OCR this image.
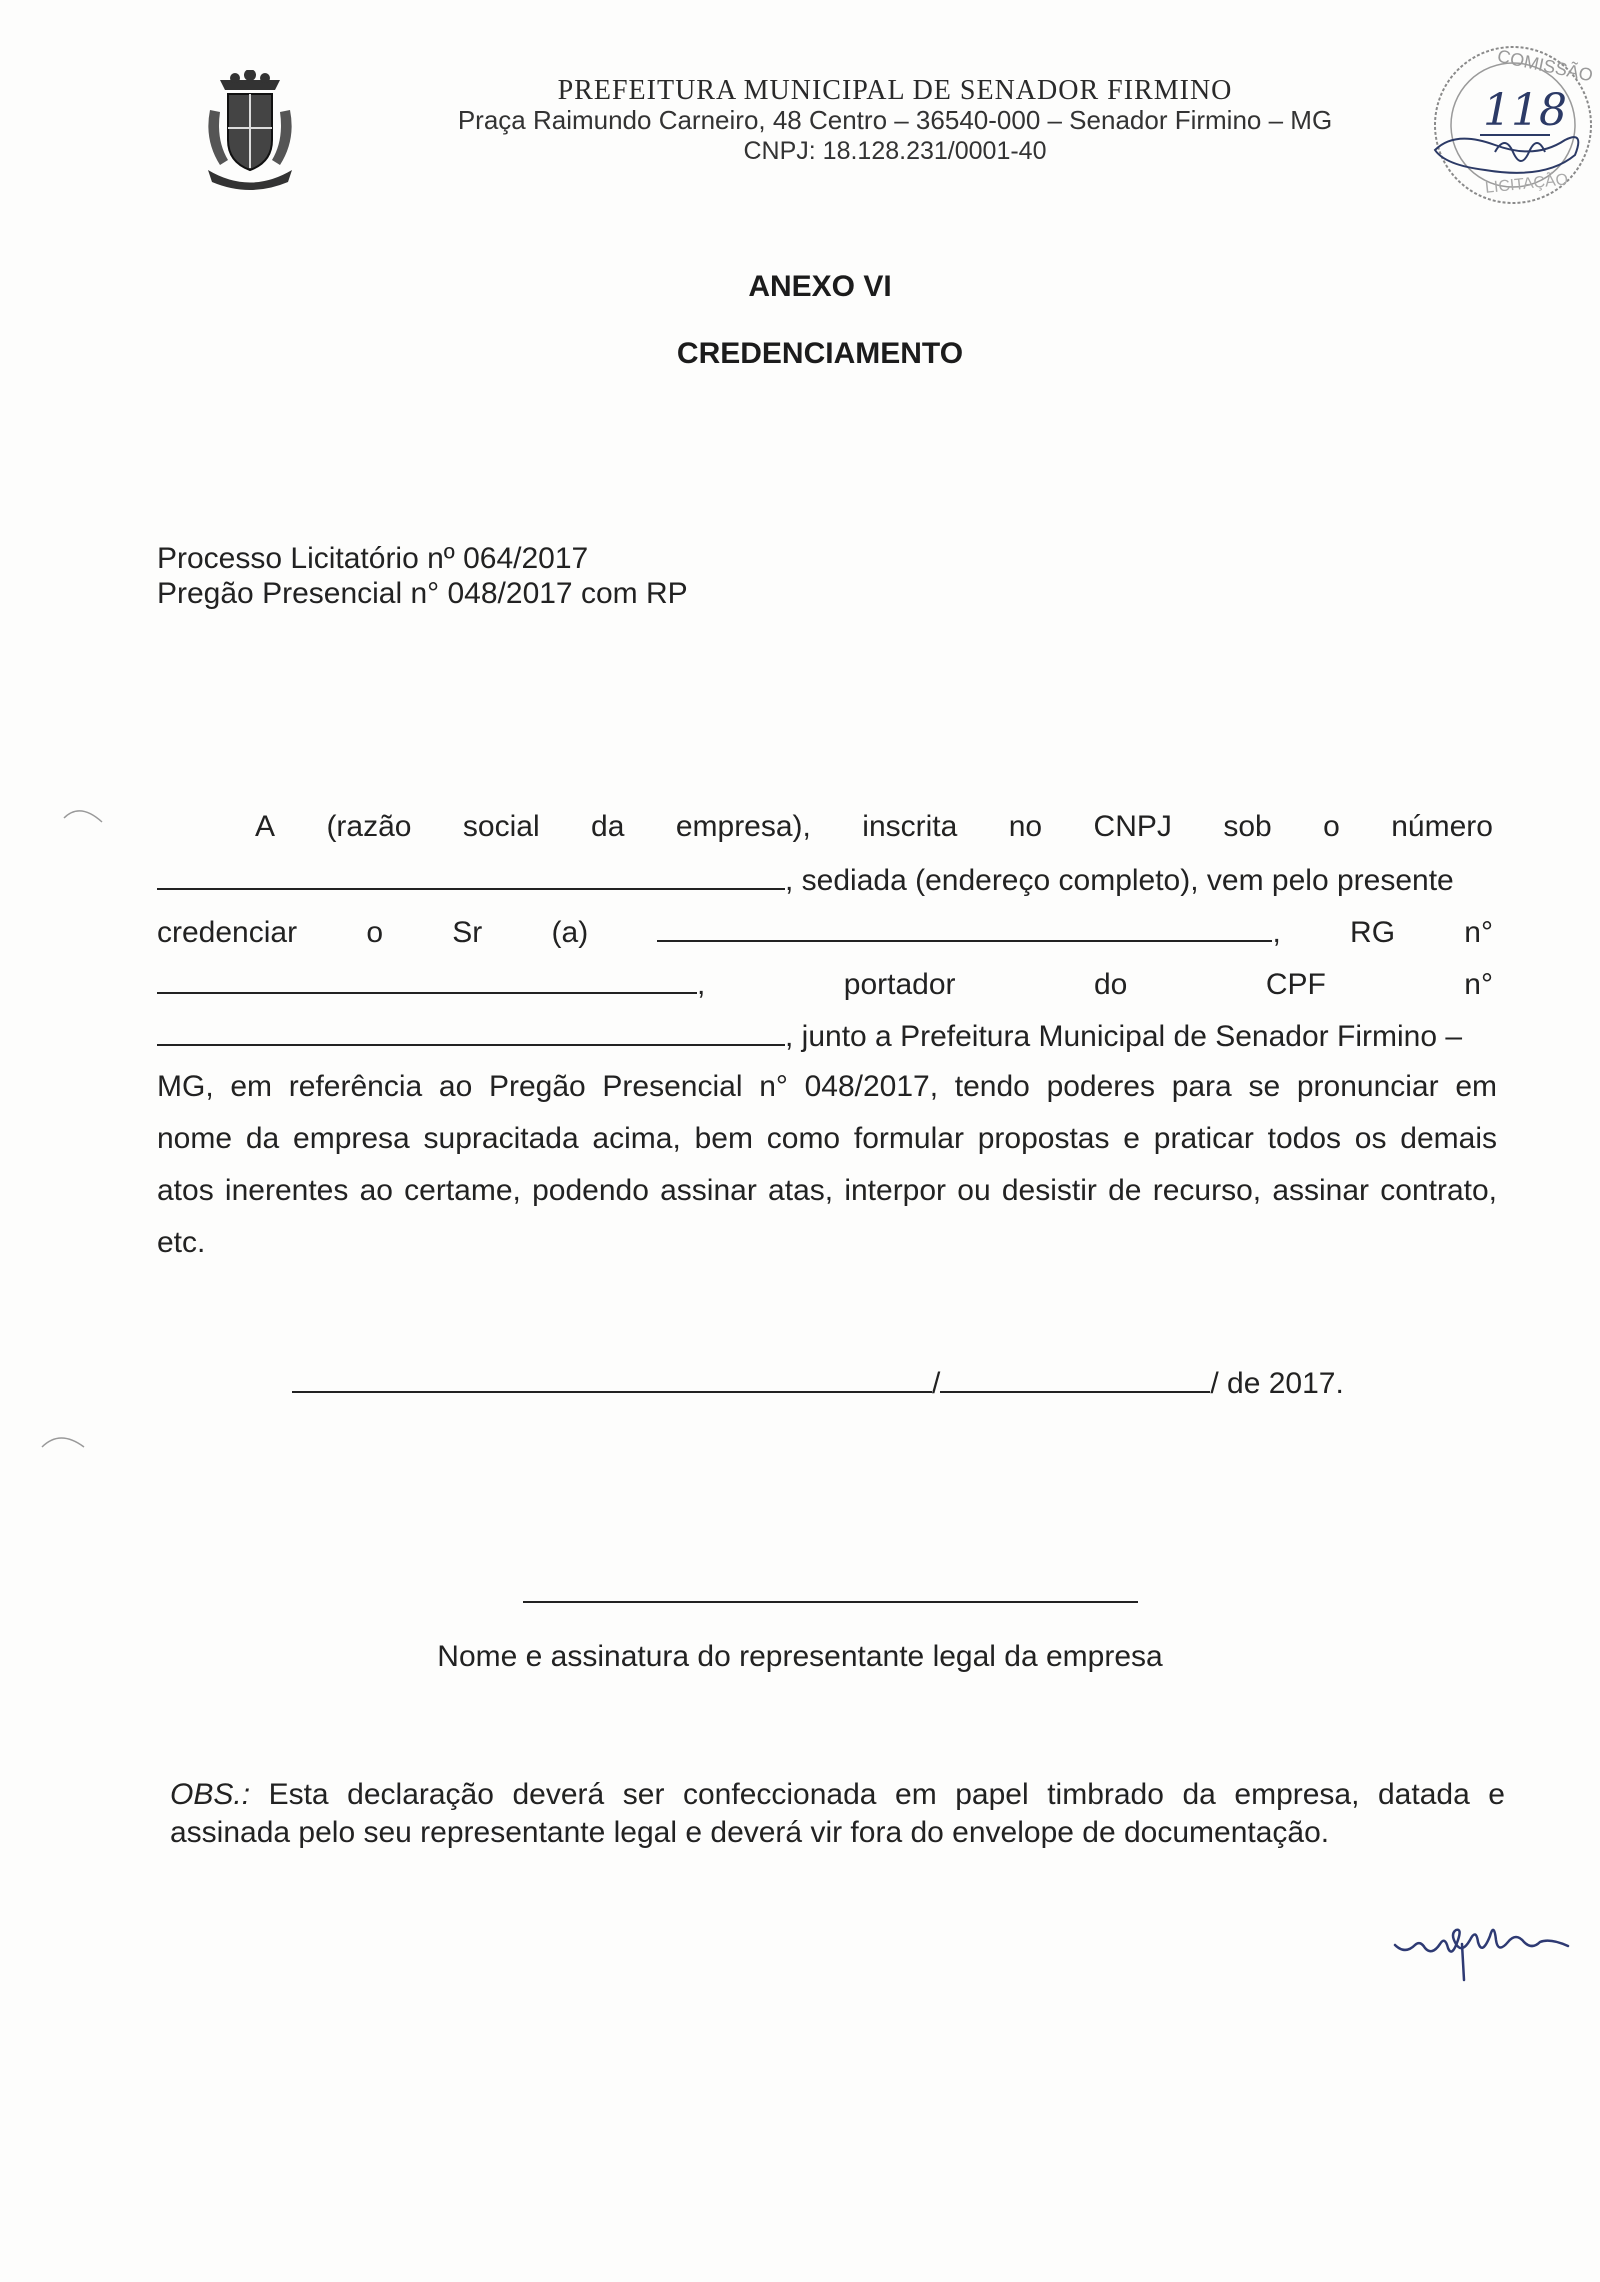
PREFEITURA MUNICIPAL DE SENADOR FIRMINO
Praça Raimundo Carneiro, 48 Centro – 36540-000 – Senador Firmino – MG
CNPJ: 18.128.231/0001-40
COMISSÃO
118
LICITAÇÃO
ANEXO VI
CREDENCIAMENTO
Processo Licitatório nº 064/2017
Pregão Presencial n° 048/2017 com RP
A (razão social da empresa), inscrita no CNPJ sob o número
, sediada (endereço completo), vem pelo presente
credenciar o Sr (a)	, RG n°
,	portador	do	CPF	n°
, junto a Prefeitura Municipal de Senador Firmino –
MG, em referência ao Pregão Presencial n° 048/2017, tendo poderes para se pronunciar em
nome da empresa supracitada acima, bem como formular propostas e praticar todos os demais
atos inerentes ao certame, podendo assinar atas, interpor ou desistir de recurso, assinar contrato,
etc.
/	/ de 2017.
Nome e assinatura do representante legal da empresa
OBS.: Esta declaração deverá ser confeccionada em papel timbrado da empresa, datada e
assinada pelo seu representante legal e deverá vir fora do envelope de documentação.
